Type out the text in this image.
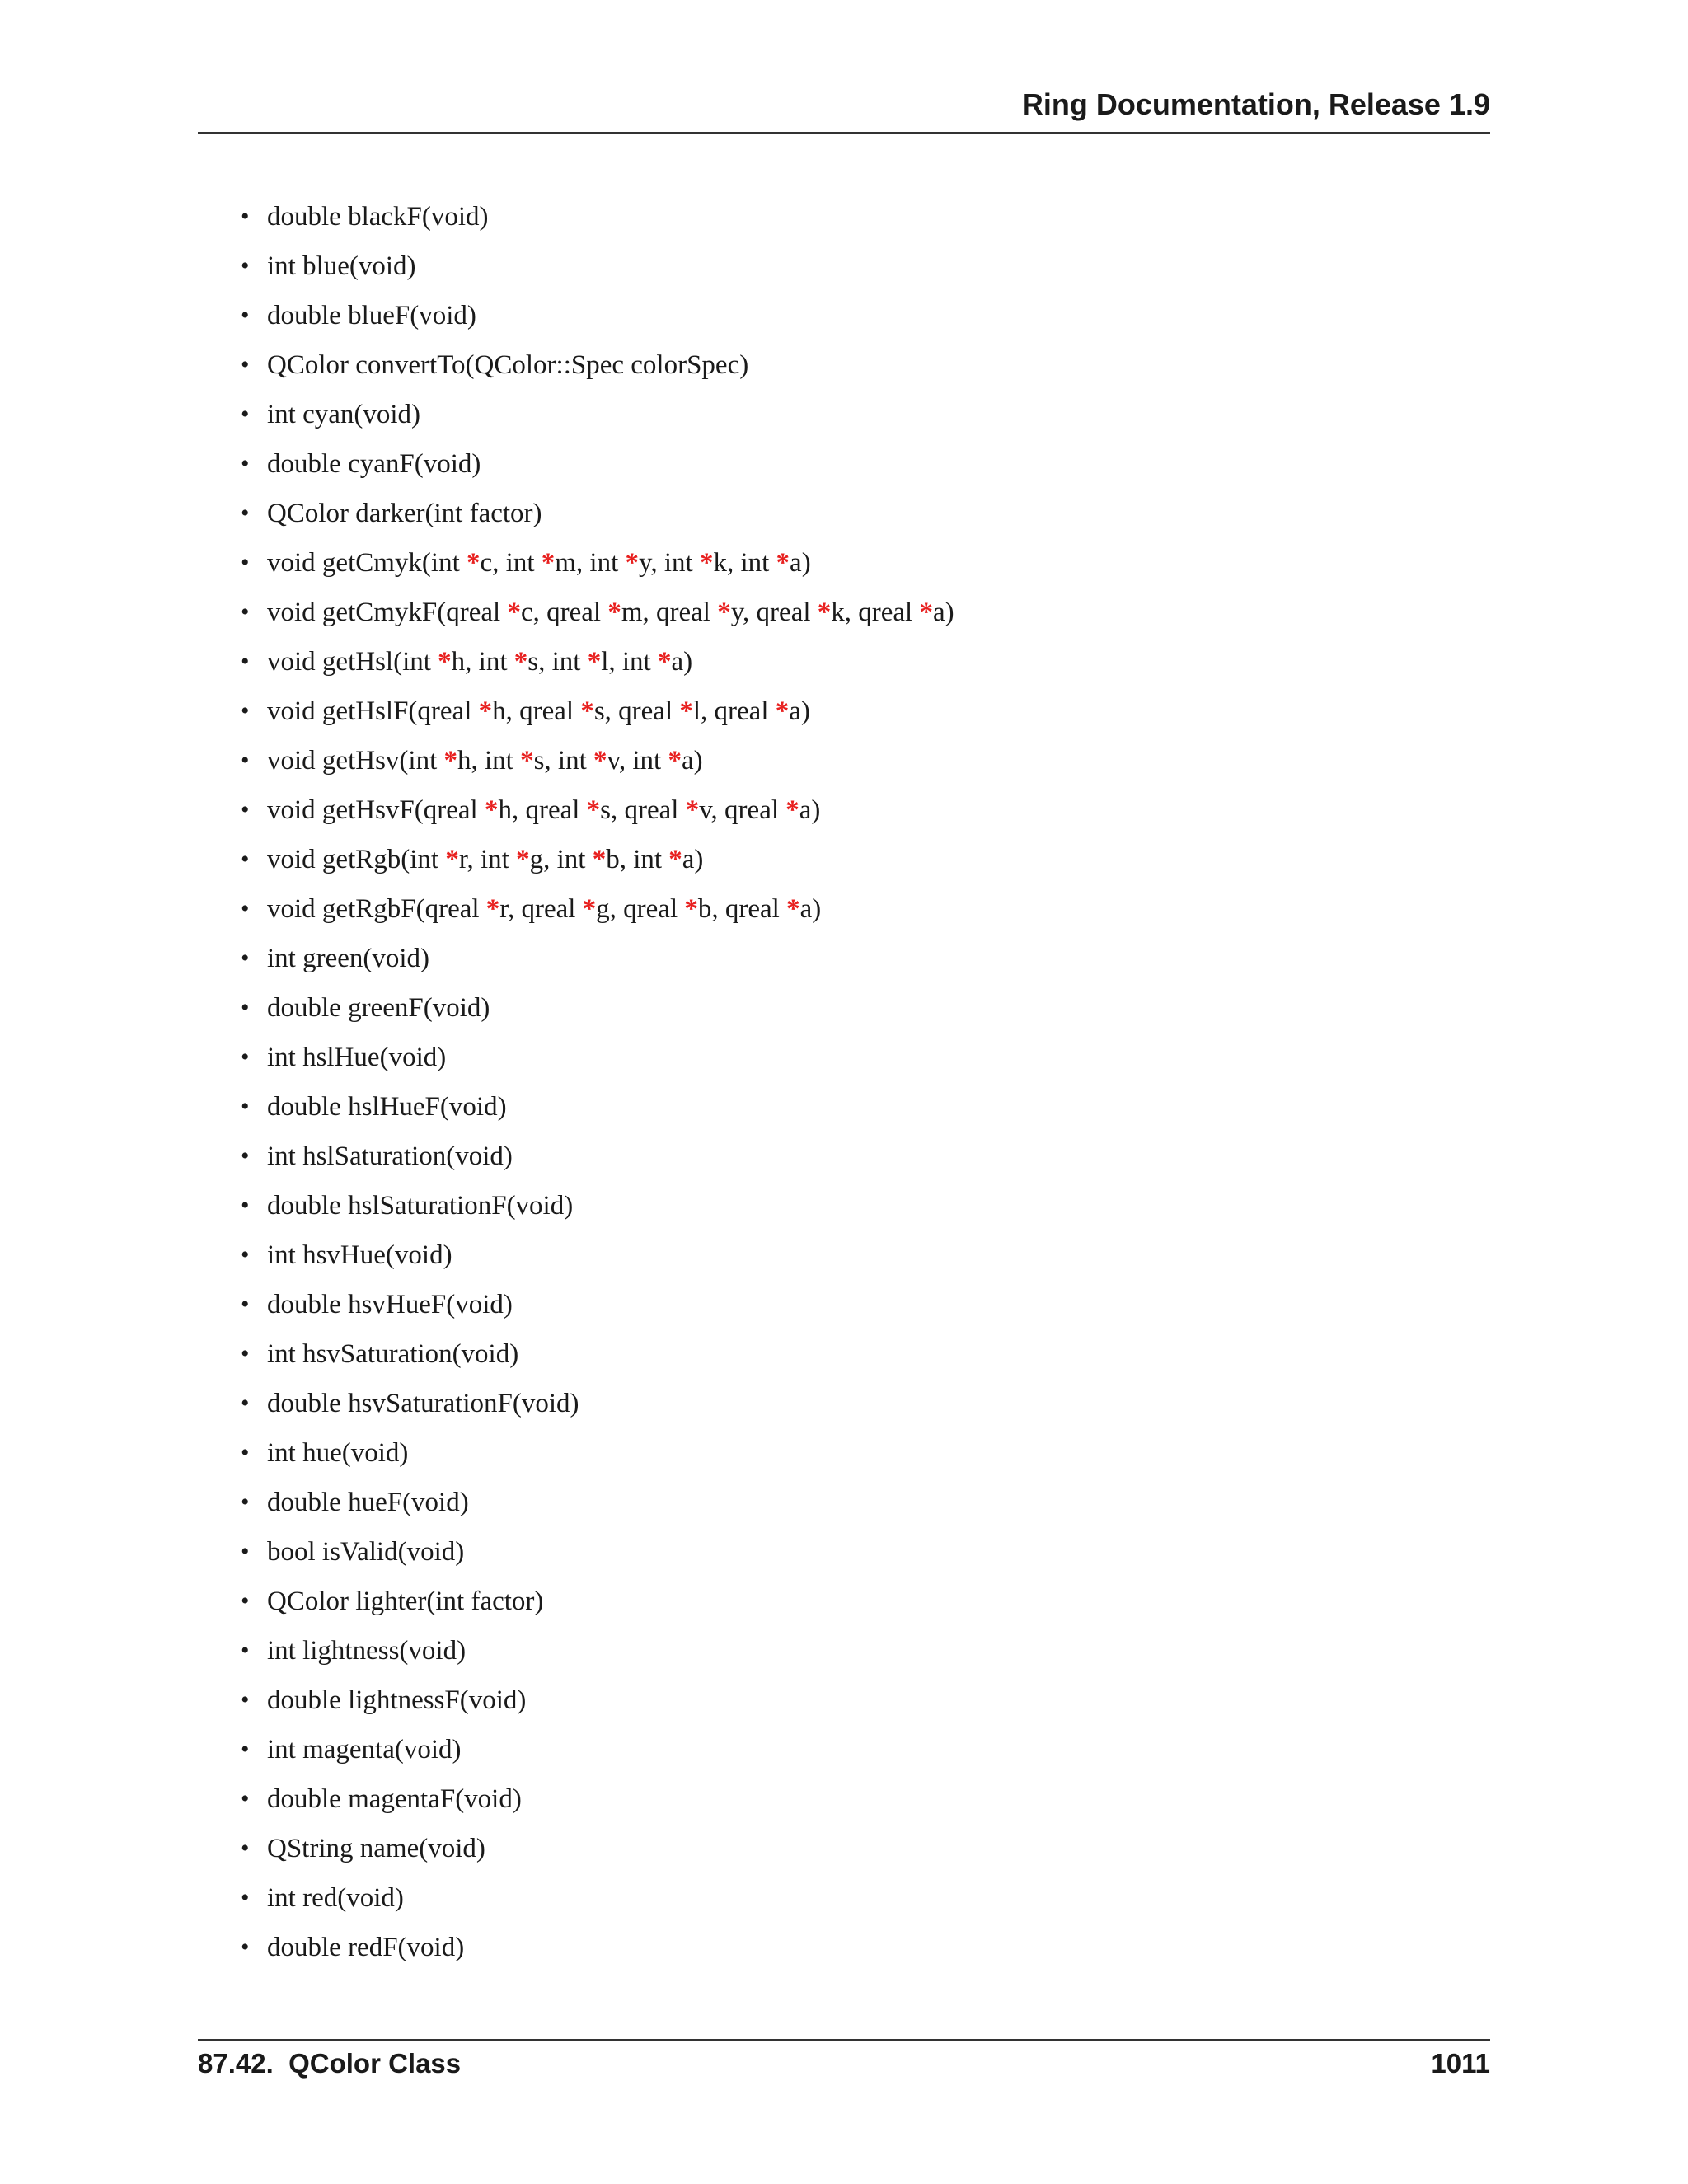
Ring Documentation, Release 1.9
• double blackF(void)
• int blue(void)
• double blueF(void)
• QColor convertTo(QColor::Spec colorSpec)
• int cyan(void)
• double cyanF(void)
• QColor darker(int factor)
• void getCmyk(int *c, int *m, int *y, int *k, int *a)
• void getCmykF(qreal *c, qreal *m, qreal *y, qreal *k, qreal *a)
• void getHsl(int *h, int *s, int *l, int *a)
• void getHslF(qreal *h, qreal *s, qreal *l, qreal *a)
• void getHsv(int *h, int *s, int *v, int *a)
• void getHsvF(qreal *h, qreal *s, qreal *v, qreal *a)
• void getRgb(int *r, int *g, int *b, int *a)
• void getRgbF(qreal *r, qreal *g, qreal *b, qreal *a)
• int green(void)
• double greenF(void)
• int hslHue(void)
• double hslHueF(void)
• int hslSaturation(void)
• double hslSaturationF(void)
• int hsvHue(void)
• double hsvHueF(void)
• int hsvSaturation(void)
• double hsvSaturationF(void)
• int hue(void)
• double hueF(void)
• bool isValid(void)
• QColor lighter(int factor)
• int lightness(void)
• double lightnessF(void)
• int magenta(void)
• double magentaF(void)
• QString name(void)
• int red(void)
• double redF(void)
87.42.  QColor Class	1011
